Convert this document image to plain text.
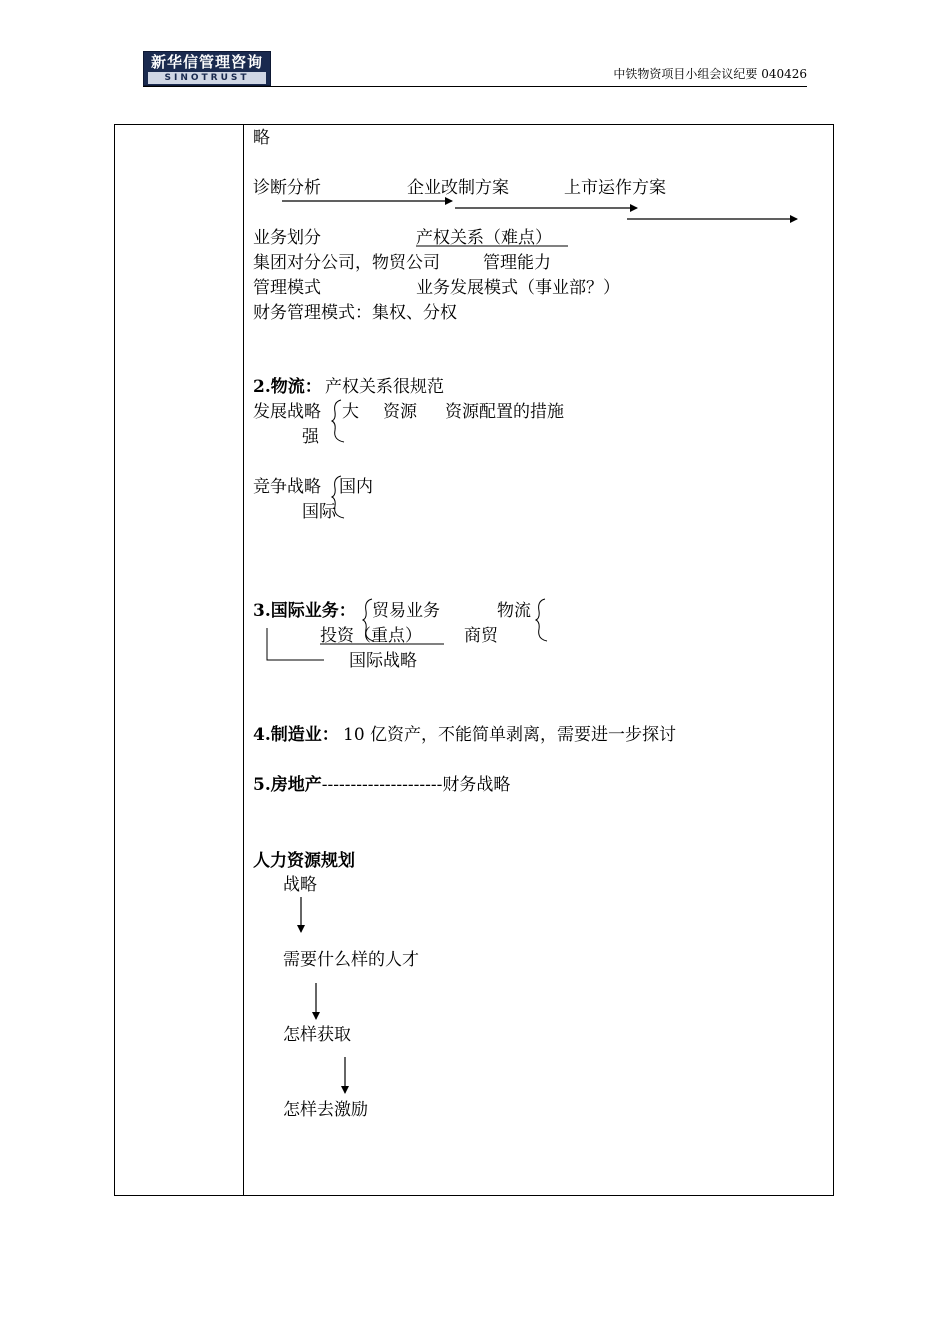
新华信管理咨询
SINOTRUST	中铁物资项目小组会议纪要 040426
略
诊断分析	企业改制方案	上市运作方案
业务划分	产权关系（难点）
集团对分公司，物贸公司	管理能力
管理模式	业务发展模式（事业部？）
财务管理模式：集权、分权
2.物流： 产权关系很规范
发展战略 大 资源 资源配置的措施
强
竞争战略 国内
国际
3.国际业务： 贸易业务	物流
投资（重点） 商贸
国际战略
4.制造业： 10 亿资产，不能简单剥离，需要进一步探讨
5.房地产---------------------财务战略
人力资源规划
战略
需要什么样的人才
怎样获取
怎样去激励
